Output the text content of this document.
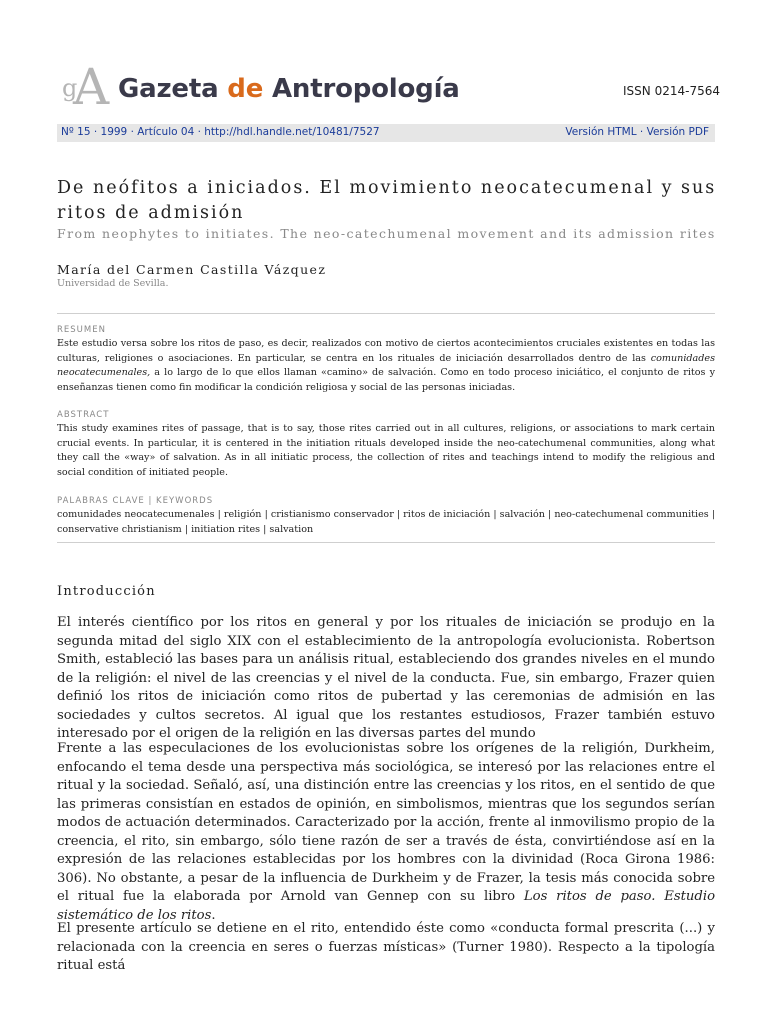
g
A Gazeta de Antropología	ISSN 0214-7564
Nº 15 · 1999 · Artículo 04 · http://hdl.handle.net/10481/7527	Versión HTML · Versión PDF
De neófitos a iniciados. El movimiento neocatecumenal y sus ritos de admisión
From neophytes to initiates. The neo-catechumenal movement and its admission rites
María del Carmen Castilla Vázquez
Universidad de Sevilla.
RESUMEN
Este estudio versa sobre los ritos de paso, es decir, realizados con motivo de ciertos acontecimientos cruciales existentes en todas las culturas, religiones o asociaciones. En particular, se centra en los rituales de iniciación desarrollados dentro de las comunidades neocatecumenales, a lo largo de lo que ellos llaman «camino» de salvación. Como en todo proceso iniciático, el conjunto de ritos y enseñanzas tienen como fin modificar la condición religiosa y social de las personas iniciadas.
ABSTRACT
This study examines rites of passage, that is to say, those rites carried out in all cultures, religions, or associations to mark certain crucial events. In particular, it is centered in the initiation rituals developed inside the neo-catechumenal communities, along what they call the «way» of salvation. As in all initiatic process, the collection of rites and teachings intend to modify the religious and social condition of initiated people.
PALABRAS CLAVE | KEYWORDS
comunidades neocatecumenales | religión | cristianismo conservador | ritos de iniciación | salvación | neo-catechumenal communities | conservative christianism | initiation rites | salvation
Introducción
El interés científico por los ritos en general y por los rituales de iniciación se produjo en la segunda mitad del siglo XIX con el establecimiento de la antropología evolucionista. Robertson Smith, estableció las bases para un análisis ritual, estableciendo dos grandes niveles en el mundo de la religión: el nivel de las creencias y el nivel de la conducta. Fue, sin embargo, Frazer quien definió los ritos de iniciación como ritos de pubertad y las ceremonias de admisión en las sociedades y cultos secretos. Al igual que los restantes estudiosos, Frazer también estuvo interesado por el origen de la religión en las diversas partes del mundo
Frente a las especulaciones de los evolucionistas sobre los orígenes de la religión, Durkheim, enfocando el tema desde una perspectiva más sociológica, se interesó por las relaciones entre el ritual y la sociedad. Señaló, así, una distinción entre las creencias y los ritos, en el sentido de que las primeras consistían en estados de opinión, en simbolismos, mientras que los segundos serían modos de actuación determinados. Caracterizado por la acción, frente al inmovilismo propio de la creencia, el rito, sin embargo, sólo tiene razón de ser a través de ésta, convirtiéndose así en la expresión de las relaciones establecidas por los hombres con la divinidad (Roca Girona 1986: 306). No obstante, a pesar de la influencia de Durkheim y de Frazer, la tesis más conocida sobre el ritual fue la elaborada por Arnold van Gennep con su libro Los ritos de paso. Estudio sistemático de los ritos.
El presente artículo se detiene en el rito, entendido éste como «conducta formal prescrita (...) y relacionada con la creencia en seres o fuerzas místicas» (Turner 1980). Respecto a la tipología ritual está
